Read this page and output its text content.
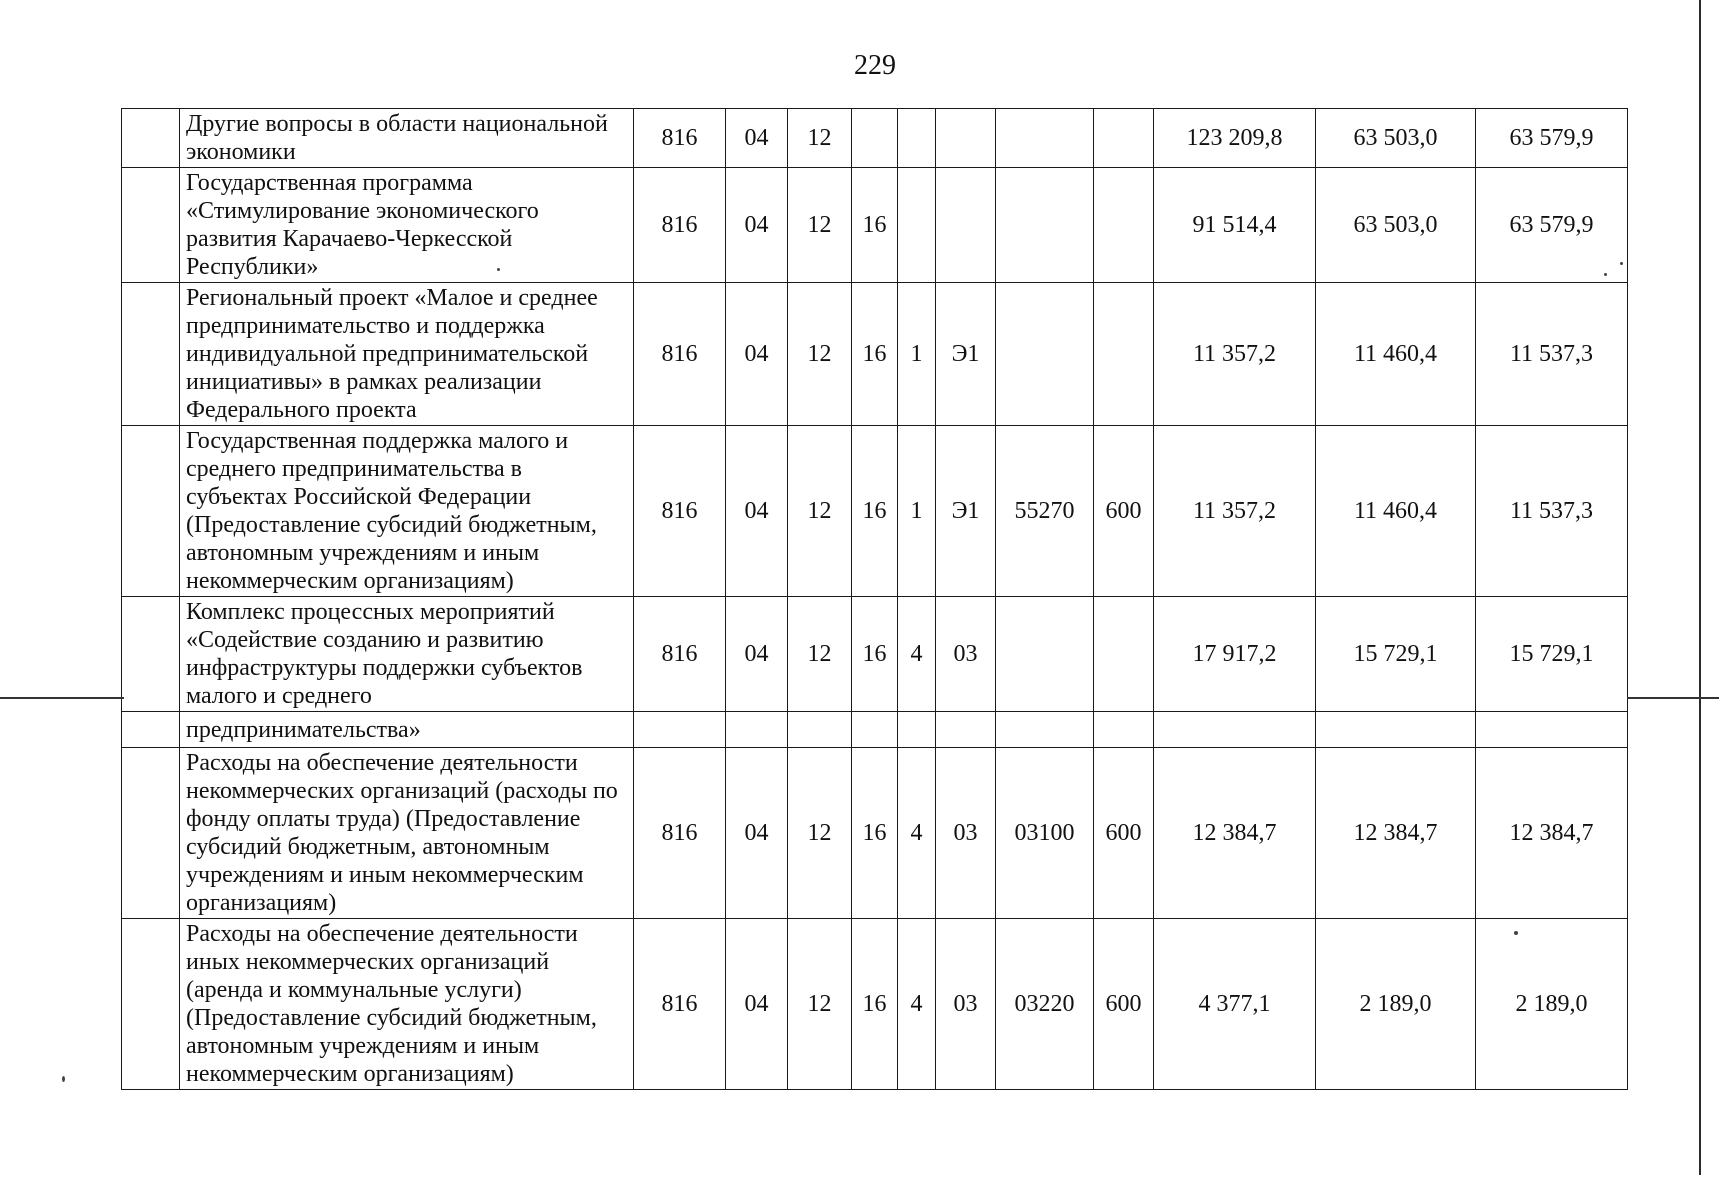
229
	Другие вопросы в области национальной экономики	816	04	12						123 209,8	63 503,0	63 579,9
	Государственная программа «Стимулирование экономического развития Карачаево-Черкесской Республики»	816	04	12	16					91 514,4	63 503,0	63 579,9
	Региональный проект «Малое и среднее предпринимательство и поддержка индивидуальной предпринимательской инициативы» в рамках реализации Федерального проекта	816	04	12	16	1	Э1			11 357,2	11 460,4	11 537,3
	Государственная поддержка малого и среднего предпринимательства в субъектах Российской Федерации (Предоставление субсидий бюджетным, автономным учреждениям и иным некоммерческим организациям)	816	04	12	16	1	Э1	55270	600	11 357,2	11 460,4	11 537,3
	Комплекс процессных мероприятий «Содействие созданию и развитию инфраструктуры поддержки субъектов малого и среднего	816	04	12	16	4	03			17 917,2	15 729,1	15 729,1
	предпринимательства»											
	Расходы на обеспечение деятельности некоммерческих организаций (расходы по фонду оплаты труда) (Предоставление субсидий бюджетным, автономным учреждениям и иным некоммерческим организациям)	816	04	12	16	4	03	03100	600	12 384,7	12 384,7	12 384,7
	Расходы на обеспечение деятельности иных некоммерческих организаций (аренда и коммунальные услуги) (Предоставление субсидий бюджетным, автономным учреждениям и иным некоммерческим организациям)	816	04	12	16	4	03	03220	600	4 377,1	2 189,0	2 189,0
